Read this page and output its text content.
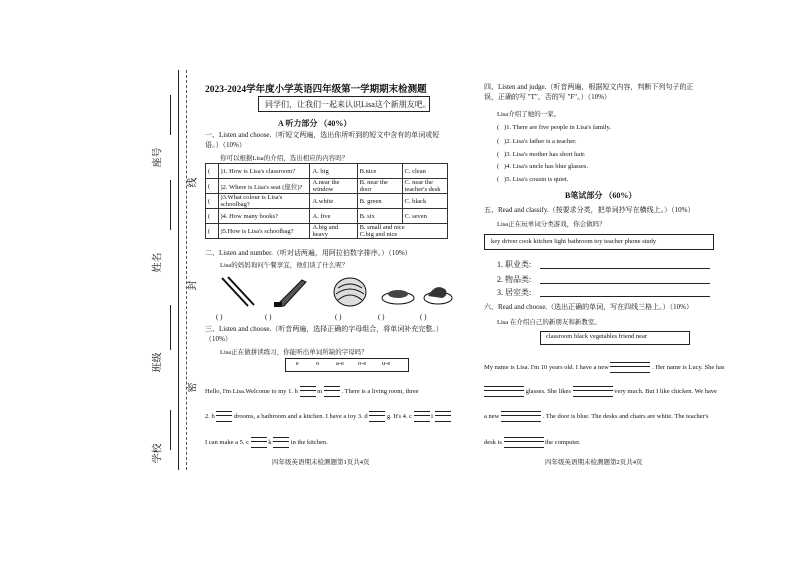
座号
姓名
班级
学校
线
封
密
2023-2024学年度小学英语四年级第一学期期末检测题
同学们，让我们一起来认识Lisa这个新朋友吧。
A 听力部分 （40%）
一、Listen and choose.（听短文两遍，选出你所听到的短文中含有的单词或短语。）（10%）
你可以根据Lisa的介绍，选出相应的内容吗？
(	)1. How is Lisa's classroom?	A. big	B.nice	C. clean
(	)2. Where is Lisa's seat (座位)?	A.near the window	B. near the door	C. near the teacher's desk
(	)3.What colour is Lisa's schoolbag?	A.white	B. green	C. black
(	)4. How many books?	A. five	B. six	C. seven
(	)5.How is Lisa's schoolbag?	A.big and heavy	B. small and nice
C.big and nice	
二、Listen and number.（听对话两遍，用阿拉伯数字排序。）（10%）
Lisa的妈妈询问午餐享宜，他们谈了什么呢？
( )	( )	( )	( )	( )
三、Listen and choose.（听音两遍，选择正确的字母组合，将单词补充完整。）（10%）
Lisa正在做拼读练习，你能听出单词所缺的字母吗？
e	o	a-e o-e u-e
Hello, I'm Lisa.Welcome to my 1. h	m	. There is a living room, three
2. b	drooms, a bathroom and a kitchen. I have a toy 3. d	g. It's 4. c	t
I can make a 5. c	k	in the kitchen.
四年级英语期末检测题第1页共4页
四、Listen and judge.（听音两遍，根据短文内容，判断下列句子的正误，正确的写 "T"，否的写 "F"。）（10%）
Lisa介绍了她的一家。
(   )1. There are five people in Lisa's family.
(   )2. Lisa's father is a teacher.
(   )3. Lisa's mother has short hair.
(   )4. Lisa's uncle has blue glasses.
(   )5. Lisa's cousin is quiet.
B笔试部分 （60%）
五、Read and classify.（按要求分类，把单词抄写在横线上。）（10%）
Lisa正在玩单词分类游戏，你会做吗？
key driver cook kitchen light bathroom toy teacher phone study
1. 职业类:
2. 物品类:
3. 居室类:
六、Read and choose.（选出正确的单词，写在四线三格上。）（10%）
Lisa 在介绍自己的新朋友和新教室。
classroom black vegetables friend near
My name is Lisa. I'm 10 years old. I have a new	. Her name is Lucy. She has
glasses. She likes	very much. But I like chicken. We have
a new	. The door is blue. The desks and chairs are white. The teacher's
desk is	the computer.
四年级英语期末检测题第2页共4页
